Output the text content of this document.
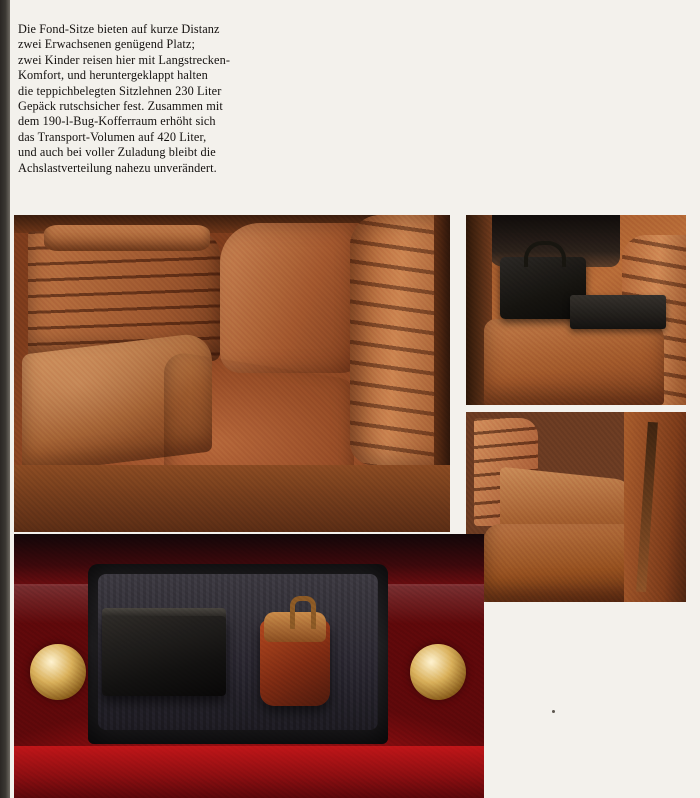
Die Fond-Sitze bieten auf kurze Distanz

zwei Erwachsenen genügend Platz;

zwei Kinder reisen hier mit Langstrecken-

Komfort, und heruntergeklappt halten

die teppichbelegten Sitzlehnen 230 Liter

Gepäck rutschsicher fest. Zusammen mit

dem 190-l-Bug-Kofferraum erhöht sich

das Transport-Volumen auf 420 Liter,

und auch bei voller Zuladung bleibt die

Achslastverteilung nahezu unverändert.
